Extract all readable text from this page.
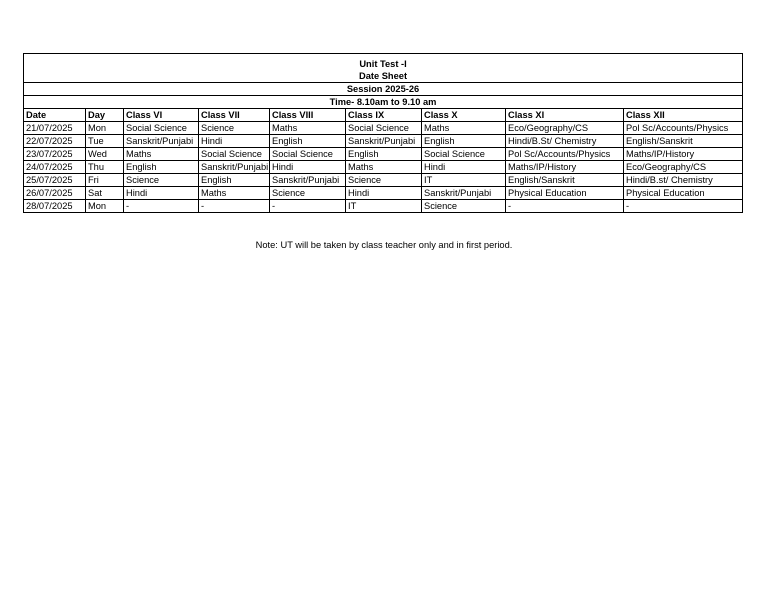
Unit Test -I								
Date Sheet								
Session 2025-26								
Time- 8.10am to 9.10 am								
Date	Day	Class VI	Class VII	Class VIII	Class IX	Class X	Class XI	Class XII
21/07/2025	Mon	Social Science	Science	Maths	Social Science	Maths	Eco/Geography/CS	Pol Sc/Accounts/Physics
22/07/2025	Tue	Sanskrit/Punjabi	Hindi	English	Sanskrit/Punjabi	English	Hindi/B.St/ Chemistry	English/Sanskrit
23/07/2025	Wed	Maths	Social Science	Social Science	English	Social Science	Pol Sc/Accounts/Physics	Maths/IP/History
24/07/2025	Thu	English	Sanskrit/Punjabi	Hindi	Maths	Hindi	Maths/IP/History	Eco/Geography/CS
25/07/2025	Fri	Science	English	Sanskrit/Punjabi	Science	IT	English/Sanskrit	Hindi/B.st/ Chemistry
26/07/2025	Sat	Hindi	Maths	Science	Hindi	Sanskrit/Punjabi	Physical Education	Physical Education
28/07/2025	Mon	-	-	-	IT	Science	-	-
Note: UT will be taken by class teacher only and in first period.
